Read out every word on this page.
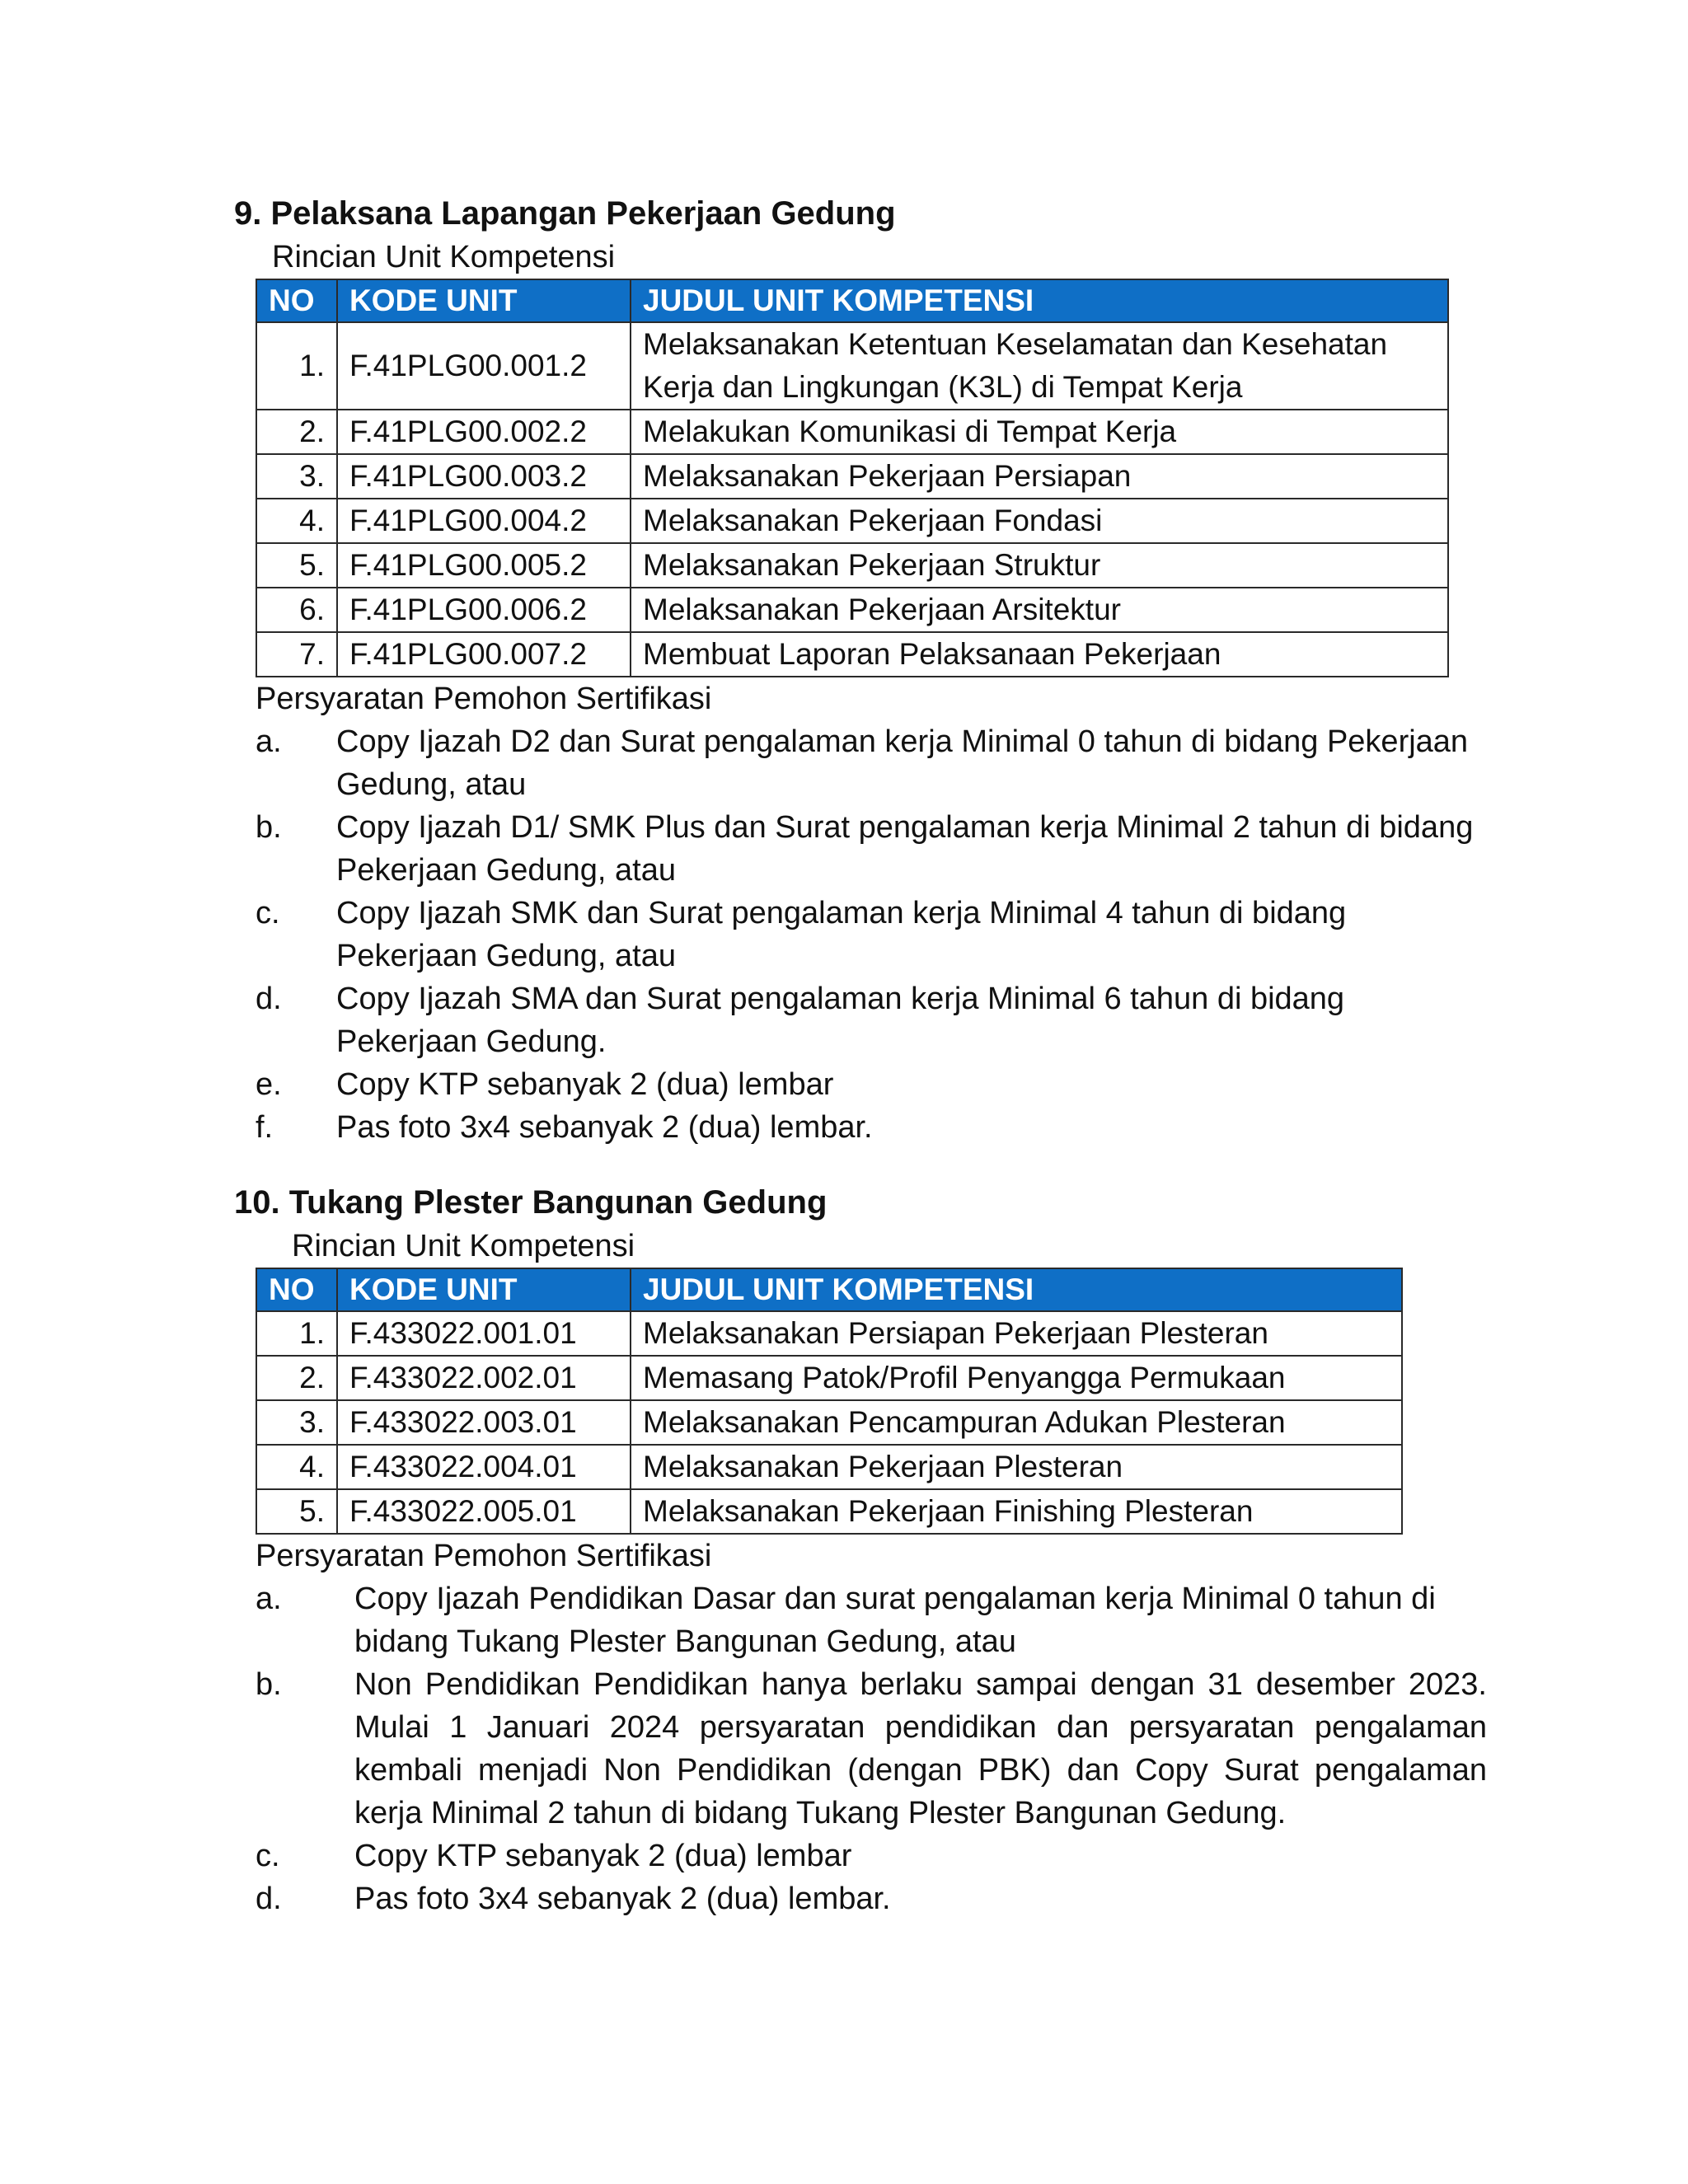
9. Pelaksana Lapangan Pekerjaan Gedung

Rincian Unit Kompetensi

NO	KODE UNIT	JUDUL UNIT KOMPETENSI
1.	F.41PLG00.001.2	Melaksanakan Ketentuan Keselamatan dan Kesehatan Kerja dan Lingkungan (K3L) di Tempat Kerja

2.	F.41PLG00.002.2	Melakukan Komunikasi di Tempat Kerja
3.	F.41PLG00.003.2	Melaksanakan Pekerjaan Persiapan
4.	F.41PLG00.004.2	Melaksanakan Pekerjaan Fondasi
5.	F.41PLG00.005.2	Melaksanakan Pekerjaan Struktur
6.	F.41PLG00.006.2	Melaksanakan Pekerjaan Arsitektur
7.	F.41PLG00.007.2	Membuat Laporan Pelaksanaan Pekerjaan

Persyaratan Pemohon Sertifikasi

a. Copy Ijazah D2 dan Surat pengalaman kerja Minimal 0 tahun di bidang Pekerjaan Gedung, atau
b. Copy Ijazah D1/ SMK Plus dan Surat pengalaman kerja Minimal 2 tahun di bidang Pekerjaan Gedung, atau
c. Copy Ijazah SMK dan Surat pengalaman kerja Minimal 4 tahun di bidang Pekerjaan Gedung, atau
d. Copy Ijazah SMA dan Surat pengalaman kerja Minimal 6 tahun di bidang Pekerjaan Gedung.
e. Copy KTP sebanyak 2 (dua) lembar
f. Pas foto 3x4 sebanyak 2 (dua) lembar.

10. Tukang Plester Bangunan Gedung

Rincian Unit Kompetensi

NO	KODE UNIT	JUDUL UNIT KOMPETENSI
1.	F.433022.001.01	Melaksanakan Persiapan Pekerjaan Plesteran
2.	F.433022.002.01	Memasang Patok/Profil Penyangga Permukaan
3.	F.433022.003.01	Melaksanakan Pencampuran Adukan Plesteran
4.	F.433022.004.01	Melaksanakan Pekerjaan Plesteran
5.	F.433022.005.01	Melaksanakan Pekerjaan Finishing Plesteran

Persyaratan Pemohon Sertifikasi

a. Copy Ijazah Pendidikan Dasar dan surat pengalaman kerja Minimal 0 tahun di bidang Tukang Plester Bangunan Gedung, atau
b. Non Pendidikan Pendidikan hanya berlaku sampai dengan 31 desember 2023. Mulai 1 Januari 2024 persyaratan pendidikan dan persyaratan pengalaman kembali menjadi Non Pendidikan (dengan PBK) dan Copy Surat pengalaman kerja Minimal 2 tahun di bidang Tukang Plester Bangunan Gedung.
c. Copy KTP sebanyak 2 (dua) lembar
d. Pas foto 3x4 sebanyak 2 (dua) lembar.
